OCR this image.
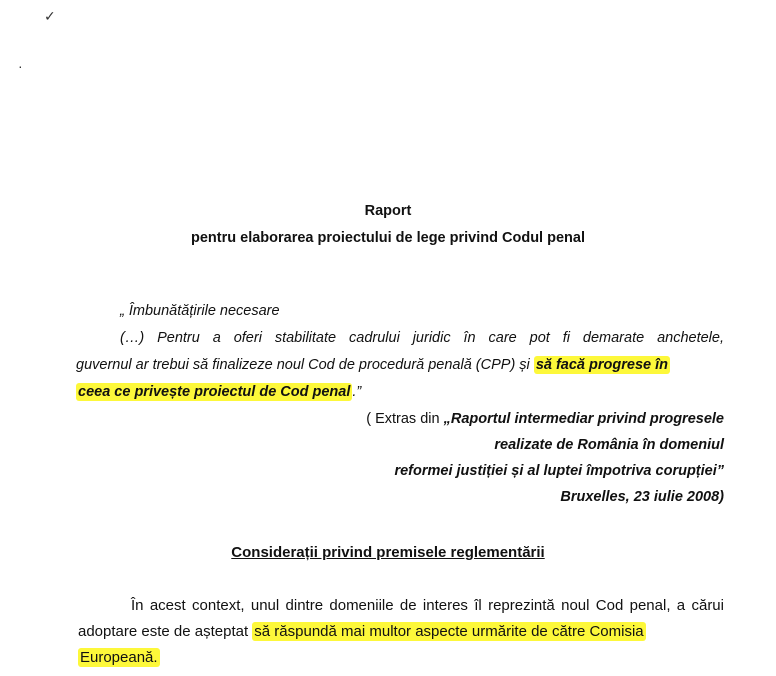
✓
·
Raport
pentru elaborarea proiectului de lege privind Codul penal
„ Îmbunătățirile necesare
(…) Pentru a oferi stabilitate cadrului juridic în care pot fi demarate anchetele,
guvernul ar trebui să finalizeze noul Cod de procedură penală (CPP) și să facă progrese în
ceea ce privește proiectul de Cod penal .”
( Extras din „Raportul intermediar privind progresele
realizate de România în domeniul
reformei justiției și al luptei împotriva corupției”
Bruxelles, 23 iulie 2008)
Considerații privind premisele reglementării
În acest context, unul dintre domeniile de interes îl reprezintă noul Cod penal, a cărui
adoptare este de așteptat să răspundă mai multor aspecte urmărite de către Comisia
Europeană.
